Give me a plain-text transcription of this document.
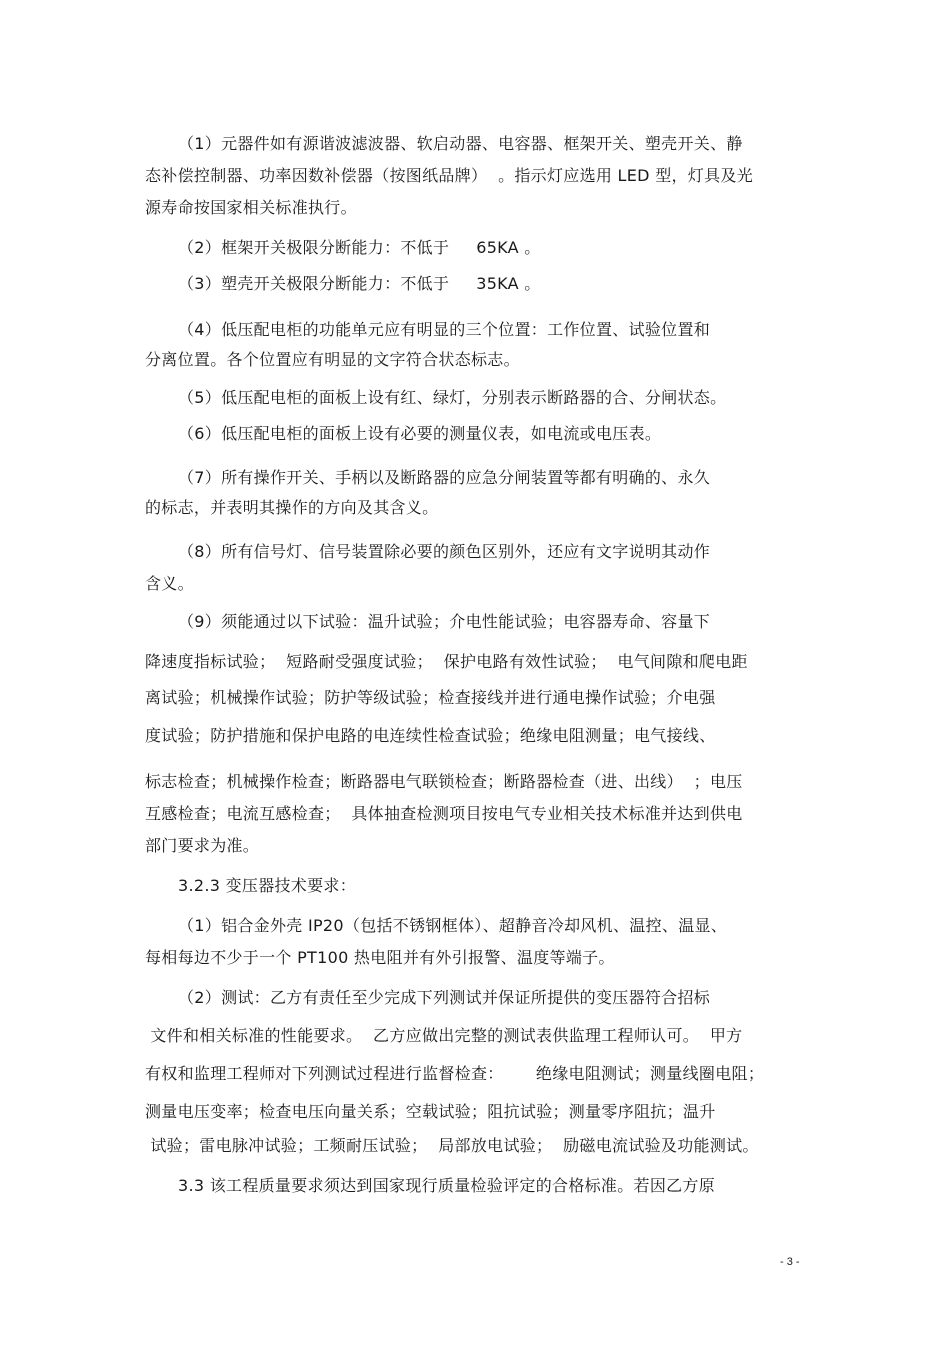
（1）元器件如有源谐波滤波器、软启动器、电容器、框架开关、塑壳开关、静
态补偿控制器、功率因数补偿器（按图纸品牌）  。指示灯应选用 LED 型，灯具及光
源寿命按国家相关标准执行。
（2）框架开关极限分断能力：不低于     65KA 。
（3）塑壳开关极限分断能力：不低于     35KA 。
（4）低压配电柜的功能单元应有明显的三个位置：工作位置、试验位置和
分离位置。各个位置应有明显的文字符合状态标志。
（5）低压配电柜的面板上设有红、绿灯，分别表示断路器的合、分闸状态。
（6）低压配电柜的面板上设有必要的测量仪表，如电流或电压表。
（7）所有操作开关、手柄以及断路器的应急分闸装置等都有明确的、永久
的标志，并表明其操作的方向及其含义。
（8）所有信号灯、信号装置除必要的颜色区别外，还应有文字说明其动作
含义。
（9）须能通过以下试验：温升试验；介电性能试验；电容器寿命、容量下
降速度指标试验；  短路耐受强度试验；  保护电路有效性试验；  电气间隙和爬电距
离试验；机械操作试验；防护等级试验；检查接线并进行通电操作试验；介电强
度试验；防护措施和保护电路的电连续性检查试验；绝缘电阻测量；电气接线、
标志检查；机械操作检查；断路器电气联锁检查；断路器检查（进、出线）  ；电压
互感检查；电流互感检查；  具体抽查检测项目按电气专业相关技术标准并达到供电
部门要求为准。
3.2.3 变压器技术要求：
（1）铝合金外壳 IP20（包括不锈钢框体）、超静音冷却风机、温控、温显、
每相每边不少于一个 PT100 热电阻并有外引报警、温度等端子。
（2）测试：乙方有责任至少完成下列测试并保证所提供的变压器符合招标
文件和相关标准的性能要求。  乙方应做出完整的测试表供监理工程师认可。  甲方
有权和监理工程师对下列测试过程进行监督检查：      绝缘电阻测试；测量线圈电阻；
测量电压变率；检查电压向量关系；空载试验；阻抗试验；测量零序阻抗；温升
试验；雷电脉冲试验；工频耐压试验；  局部放电试验；  励磁电流试验及功能测试。
3.3 该工程质量要求须达到国家现行质量检验评定的合格标准。若因乙方原
- 3 -
